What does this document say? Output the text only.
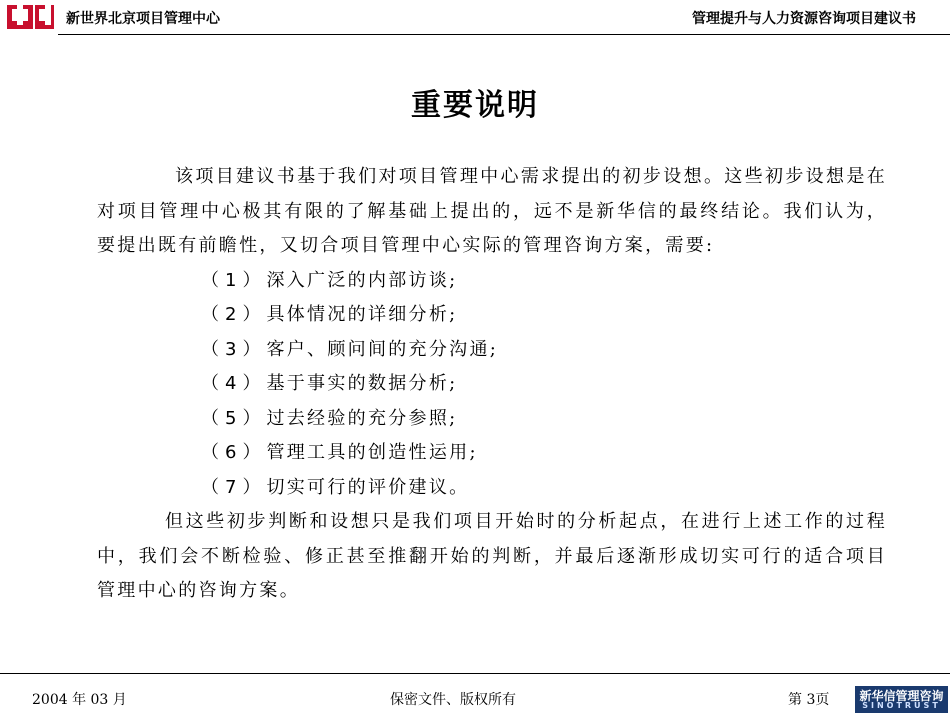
新世界北京项目管理中心	管理提升与人力资源咨询项目建议书
重要说明

该项目建议书基于我们对项目管理中心需求提出的初步设想。这些初步设想是在对项目管理中心极其有限的了解基础上提出的，远不是新华信的最终结论。我们认为，要提出既有前瞻性，又切合项目管理中心实际的管理咨询方案，需要:

（1）深入广泛的内部访谈;
（2）具体情况的详细分析;
（3）客户、顾问间的充分沟通;
（4）基于事实的数据分析;
（5）过去经验的充分参照;
（6）管理工具的创造性运用;
（7）切实可行的评价建议。

但这些初步判断和设想只是我们项目开始时的分析起点，在进行上述工作的过程中，我们会不断检验、修正甚至推翻开始的判断，并最后逐渐形成切实可行的适合项目管理中心的咨询方案。

2004 年 03 月	保密文件、版权所有	第 3页	新华信管理咨询
SINOTRUST
